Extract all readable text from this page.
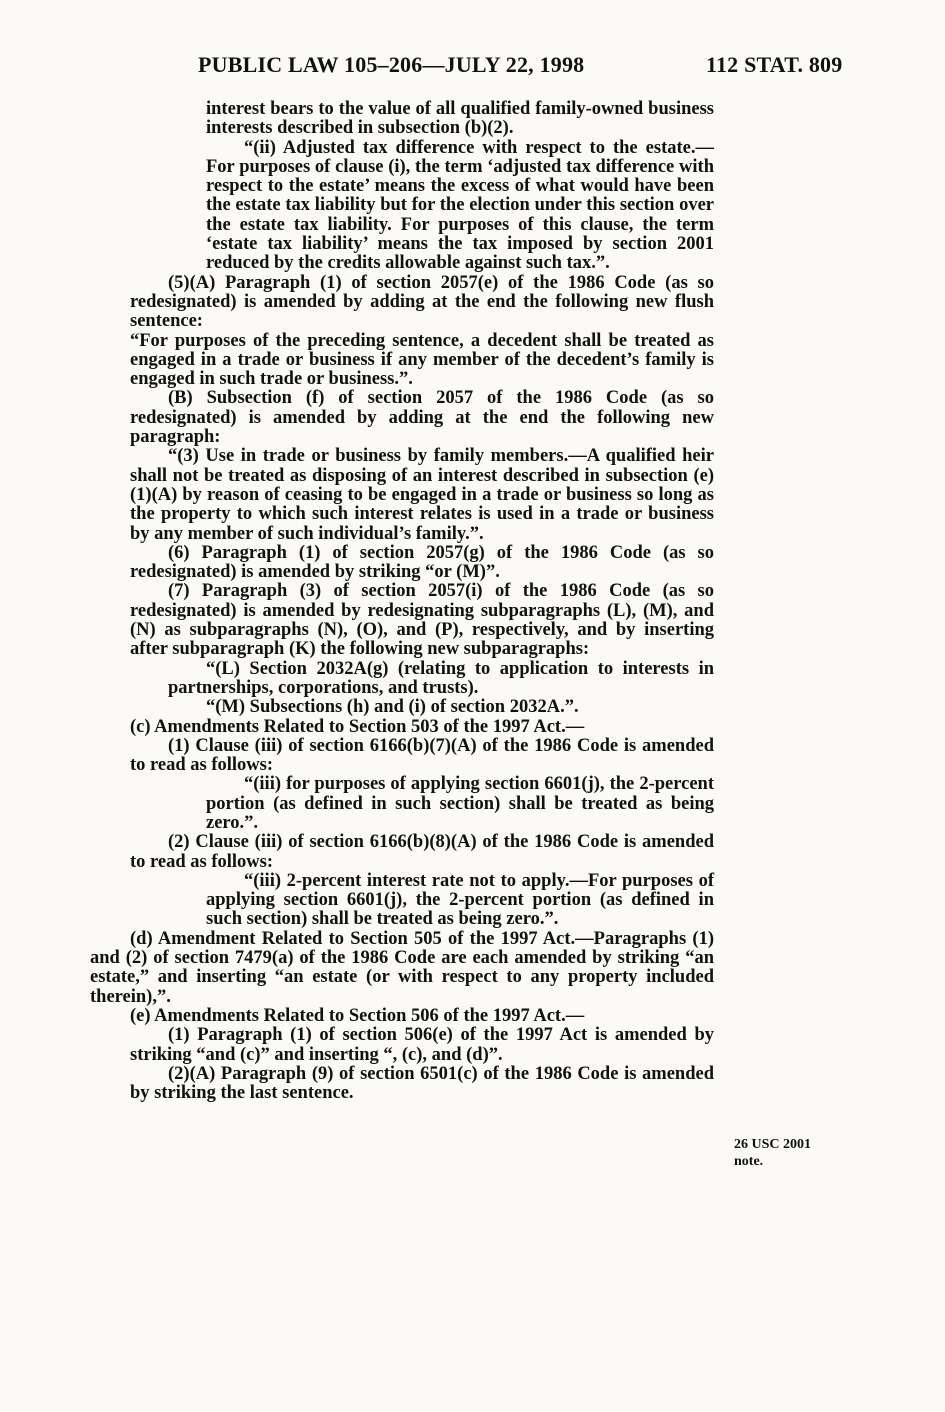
PUBLIC LAW 105–206—JULY 22, 1998	112 STAT. 809

interest bears to the value of all qualified family-owned business interests described in subsection (b)(2).

“(ii) Adjusted tax difference with respect to the estate.—For purposes of clause (i), the term ‘adjusted tax difference with respect to the estate’ means the excess of what would have been the estate tax liability but for the election under this section over the estate tax liability. For purposes of this clause, the term ‘estate tax liability’ means the tax imposed by section 2001 reduced by the credits allowable against such tax.”.

(5)(A) Paragraph (1) of section 2057(e) of the 1986 Code (as so redesignated) is amended by adding at the end the following new flush sentence:

“For purposes of the preceding sentence, a decedent shall be treated as engaged in a trade or business if any member of the decedent’s family is engaged in such trade or business.”.

(B) Subsection (f) of section 2057 of the 1986 Code (as so redesignated) is amended by adding at the end the following new paragraph:

“(3) Use in trade or business by family members.—A qualified heir shall not be treated as disposing of an interest described in subsection (e)(1)(A) by reason of ceasing to be engaged in a trade or business so long as the property to which such interest relates is used in a trade or business by any member of such individual’s family.”.

(6) Paragraph (1) of section 2057(g) of the 1986 Code (as so redesignated) is amended by striking “or (M)”.

(7) Paragraph (3) of section 2057(i) of the 1986 Code (as so redesignated) is amended by redesignating subparagraphs (L), (M), and (N) as subparagraphs (N), (O), and (P), respectively, and by inserting after subparagraph (K) the following new subparagraphs:

“(L) Section 2032A(g) (relating to application to interests in partnerships, corporations, and trusts).

“(M) Subsections (h) and (i) of section 2032A.”.

(c) Amendments Related to Section 503 of the 1997 Act.—

(1) Clause (iii) of section 6166(b)(7)(A) of the 1986 Code is amended to read as follows:

“(iii) for purposes of applying section 6601(j), the 2-percent portion (as defined in such section) shall be treated as being zero.”.

(2) Clause (iii) of section 6166(b)(8)(A) of the 1986 Code is amended to read as follows:

“(iii) 2-percent interest rate not to apply.—For purposes of applying section 6601(j), the 2-percent portion (as defined in such section) shall be treated as being zero.”.

(d) Amendment Related to Section 505 of the 1997 Act.—Paragraphs (1) and (2) of section 7479(a) of the 1986 Code are each amended by striking “an estate,” and inserting “an estate (or with respect to any property included therein),”.

(e) Amendments Related to Section 506 of the 1997 Act.—

(1) Paragraph (1) of section 506(e) of the 1997 Act is amended by striking “and (c)” and inserting “, (c), and (d)”.

(2)(A) Paragraph (9) of section 6501(c) of the 1986 Code is amended by striking the last sentence.

26 USC 2001 note.
